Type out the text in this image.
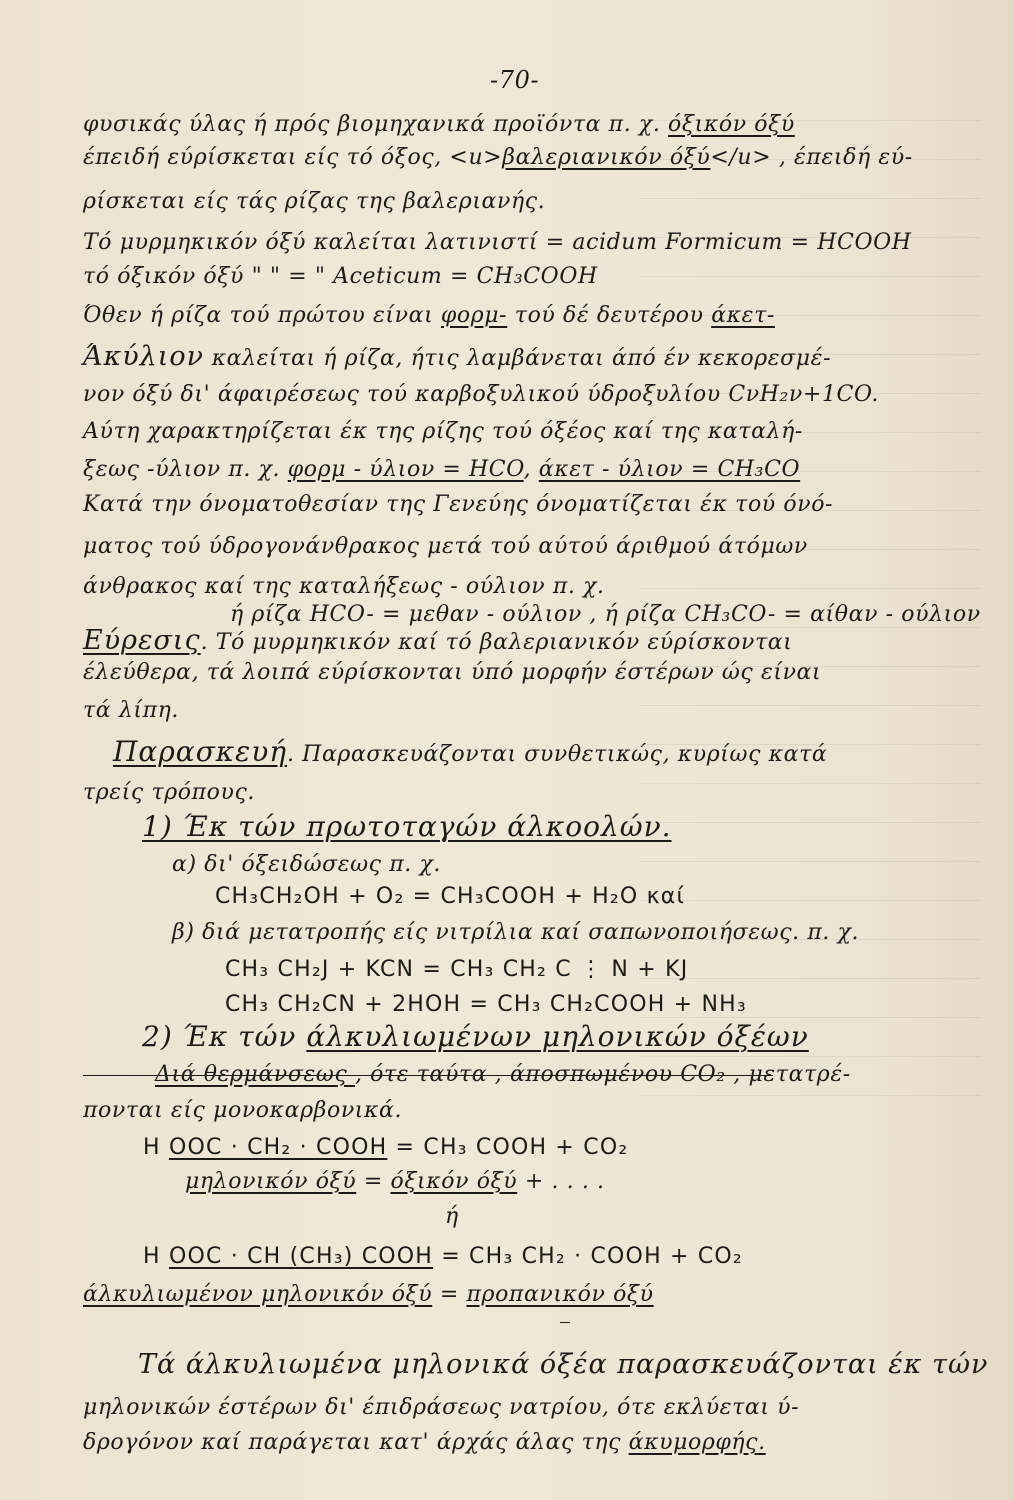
-70-
φυσικάς ύλας ή πρός βιομηχανικά προϊόντα π. χ. όξικόν όξύ
έπειδή εύρίσκεται είς τό όξος, <u>βαλεριανικόν όξύ</u> , έπειδή εύ-
ρίσκεται είς τάς ρίζας της βαλεριανής.
Τό μυρμηκικόν όξύ καλείται λατινιστί = acidum Formicum = HCOOH
τό όξικόν όξύ " " = " Aceticum = CH₃COOH
Όθεν ή ρίζα τού πρώτου είναι φορμ- τού δέ δευτέρου άκετ-
Άκύλιον καλείται ή ρίζα, ήτις λαμβάνεται άπό έν κεκορεσμέ-
νον όξύ δι' άφαιρέσεως τού καρβοξυλικού ύδροξυλίου CνH₂ν+1CO.
Αύτη χαρακτηρίζεται έκ της ρίζης τού όξέος καί της καταλή-
ξεως -ύλιον π. χ. φορμ - ύλιον = HCO, άκετ - ύλιον = CH₃CO
Κατά την όνοματοθεσίαν της Γενεύης όνοματίζεται έκ τού όνό-
ματος τού ύδρογονάνθρακος μετά τού αύτού άριθμού άτόμων
άνθρακος καί της καταλήξεως - ούλιον π. χ.
ή ρίζα HCO- = μεθαν - ούλιον , ή ρίζα CH₃CO- = αίθαν - ούλιον
Εύρεσις. Τό μυρμηκικόν καί τό βαλεριανικόν εύρίσκονται
έλεύθερα, τά λοιπά εύρίσκονται ύπό μορφήν έστέρων ώς είναι
τά λίπη.
Παρασκευή. Παρασκευάζονται συνθετικώς, κυρίως κατά
τρείς τρόπους.
1) Έκ τών πρωτοταγών άλκοολών.
α) δι' όξειδώσεως π. χ.
CH₃CH₂OH + O₂ = CH₃COOH + H₂O καί
β) διά μετατροπής είς νιτρίλια καί σαπωνοποιήσεως. π. χ.
CH₃ CH₂J + KCN = CH₃ CH₂ C ⋮ N + KJ
CH₃ CH₂CN + 2HOH = CH₃ CH₂COOH + NH₃
2) Έκ τών άλκυλιωμένων μηλονικών όξέων
Διά θερμάνσεως , ότε ταύτα , άποσπωμένου CO₂ , μετατρέ-
πονται είς μονοκαρβονικά.
H OOC · CH₂ · COOH = CH₃ COOH + CO₂
μηλονικόν όξύ = όξικόν όξύ + . . . .
ή
H OOC · CH (CH₃) COOH = CH₃ CH₂ · COOH + CO₂
άλκυλιωμένον μηλονικόν όξύ = προπανικόν όξύ
Τά άλκυλιωμένα μηλονικά όξέα παρασκευάζονται έκ τών
μηλονικών έστέρων δι' έπιδράσεως νατρίου, ότε εκλύεται ύ-
δρογόνον καί παράγεται κατ' άρχάς άλας της άκυμορφής.
